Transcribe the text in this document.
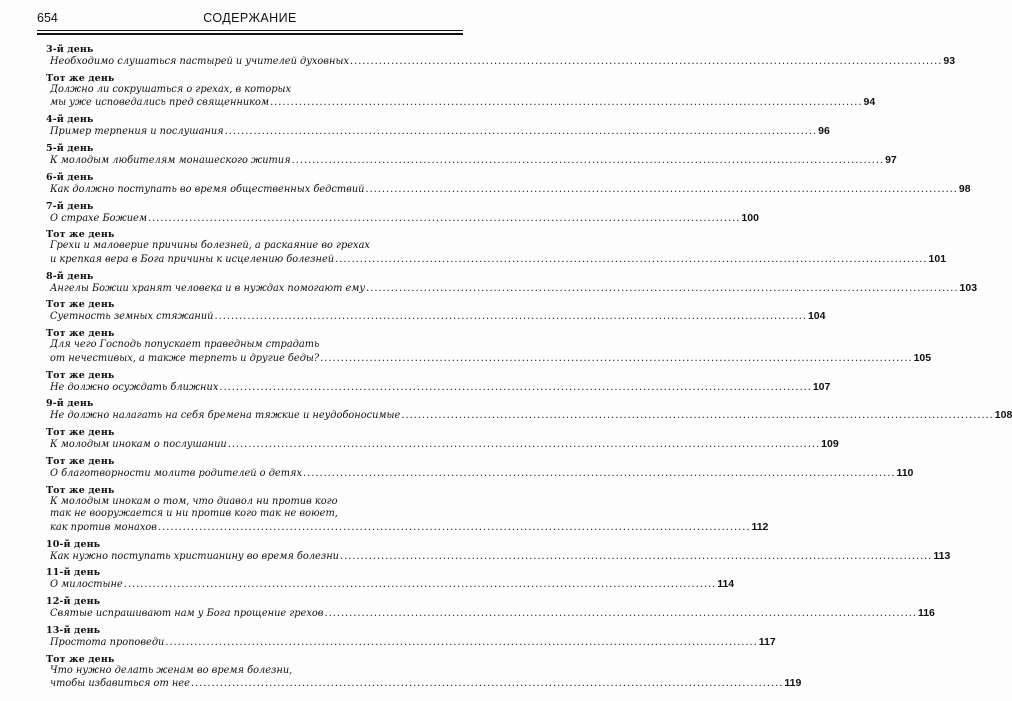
654	СОДЕРЖАНИЕ
3-й день
Необходимо слушаться пастырей и учителей духовных .....	93
Тот же день
Должно ли сокрушаться о грехах, в которых
мы уже исповедались пред священником .....	94
4-й день
Пример терпения и послушания .....	96
5-й день
К молодым любителям монашеского жития .....	97
6-й день
Как должно поступать во время общественных бедствий .....	98
7-й день
О страхе Божием .....	100
Тот же день
Грехи и маловерие причины болезней, а раскаяние во грехах
и крепкая вера в Бога причины к исцелению болезней .....	101
8-й день
Ангелы Божии хранят человека и в нуждах помогают ему .....	103
Тот же день
Суетность земных стяжаний .....	104
Тот же день
Для чего Господь попускает праведным страдать
от нечестивых, а также терпеть и другие беды? .....	105
Тот же день
Не должно осуждать ближних .....	107
9-й день
Не должно налагать на себя бремена тяжкие и неудобоносимые .....	108
Тот же день
К молодым инокам о послушании .....	109
Тот же день
О благотворности молитв родителей о детях .....	110
Тот же день
К молодым инокам о том, что диавол ни против кого
так не вооружается и ни против кого так не воюет,
как против монахов .....	112
10-й день
Как нужно поступать христианину во время болезни .....	113
11-й день
О милостыне .....	114
12-й день
Святые испрашивают нам у Бога прощение грехов .....	116
13-й день
Простота проповеди .....	117
Тот же день
Что нужно делать женам во время болезни,
чтобы избавиться от нее .....	119
